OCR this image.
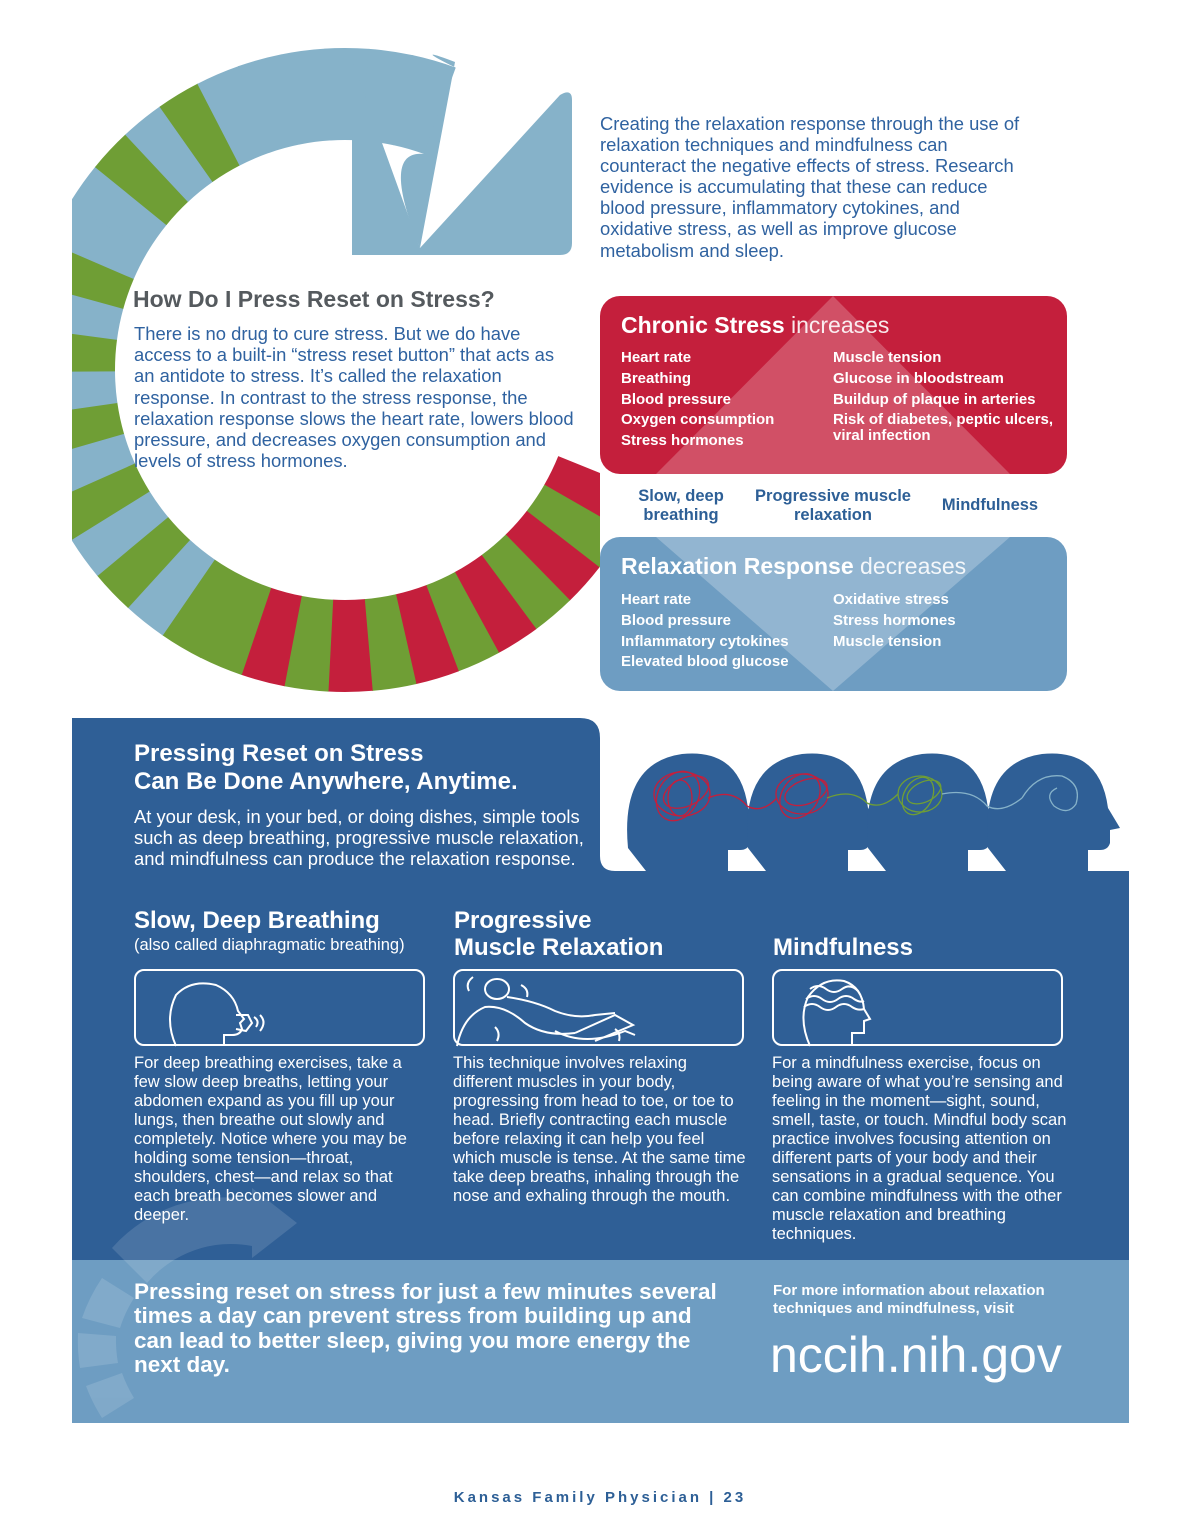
How Do I Press Reset on Stress?
There is no drug to cure stress. But we do have access to a built-in “stress reset button” that acts as an antidote to stress. It’s called the relaxation response. In contrast to the stress response, the relaxation response slows the heart rate, lowers blood pressure, and decreases oxygen consumption and levels of stress hormones.
Creating the relaxation response through the use of relaxation techniques and mindfulness can counteract the negative effects of stress. Research evidence is accumulating that these can reduce blood pressure, inflammatory cytokines, and oxidative stress, as well as improve glucose metabolism and sleep.
Chronic Stress increases
Heart rate
Breathing
Blood pressure
Oxygen consumption
Stress hormones
Muscle tension
Glucose in bloodstream
Buildup of plaque in arteries
Risk of diabetes, peptic ulcers, viral infection
Slow, deep breathing
Progressive muscle relaxation
Mindfulness
Relaxation Response decreases
Heart rate
Blood pressure
Inflammatory cytokines
Elevated blood glucose
Oxidative stress
Stress hormones
Muscle tension
Pressing Reset on Stress
Can Be Done Anywhere, Anytime.
At your desk, in your bed, or doing dishes, simple tools such as deep breathing, progressive muscle relaxation, and mindfulness can produce the relaxation response.
Slow, Deep Breathing
(also called diaphragmatic breathing)
For deep breathing exercises, take a few slow deep breaths, letting your abdomen expand as you fill up your lungs, then breathe out slowly and completely. Notice where you may be holding some tension—throat, shoulders, chest—and relax so that each breath becomes slower and deeper.
Progressive
Muscle Relaxation
This technique involves relaxing different muscles in your body, progressing from head to toe, or toe to head. Briefly contracting each muscle before relaxing it can help you feel which muscle is tense. At the same time take deep breaths, inhaling through the nose and exhaling through the mouth.
Mindfulness
For a mindfulness exercise, focus on being aware of what you’re sensing and feeling in the moment—sight, sound, smell, taste, or touch. Mindful body scan practice involves focusing attention on different parts of your body and their sensations in a gradual sequence. You can combine mindfulness with the other muscle relaxation and breathing techniques.
Pressing reset on stress for just a few minutes several times a day can prevent stress from building up and can lead to better sleep, giving you more energy the next day.
For more information about relaxation techniques and mindfulness, visit
nccih.nih.gov
Kansas Family Physician | 23
